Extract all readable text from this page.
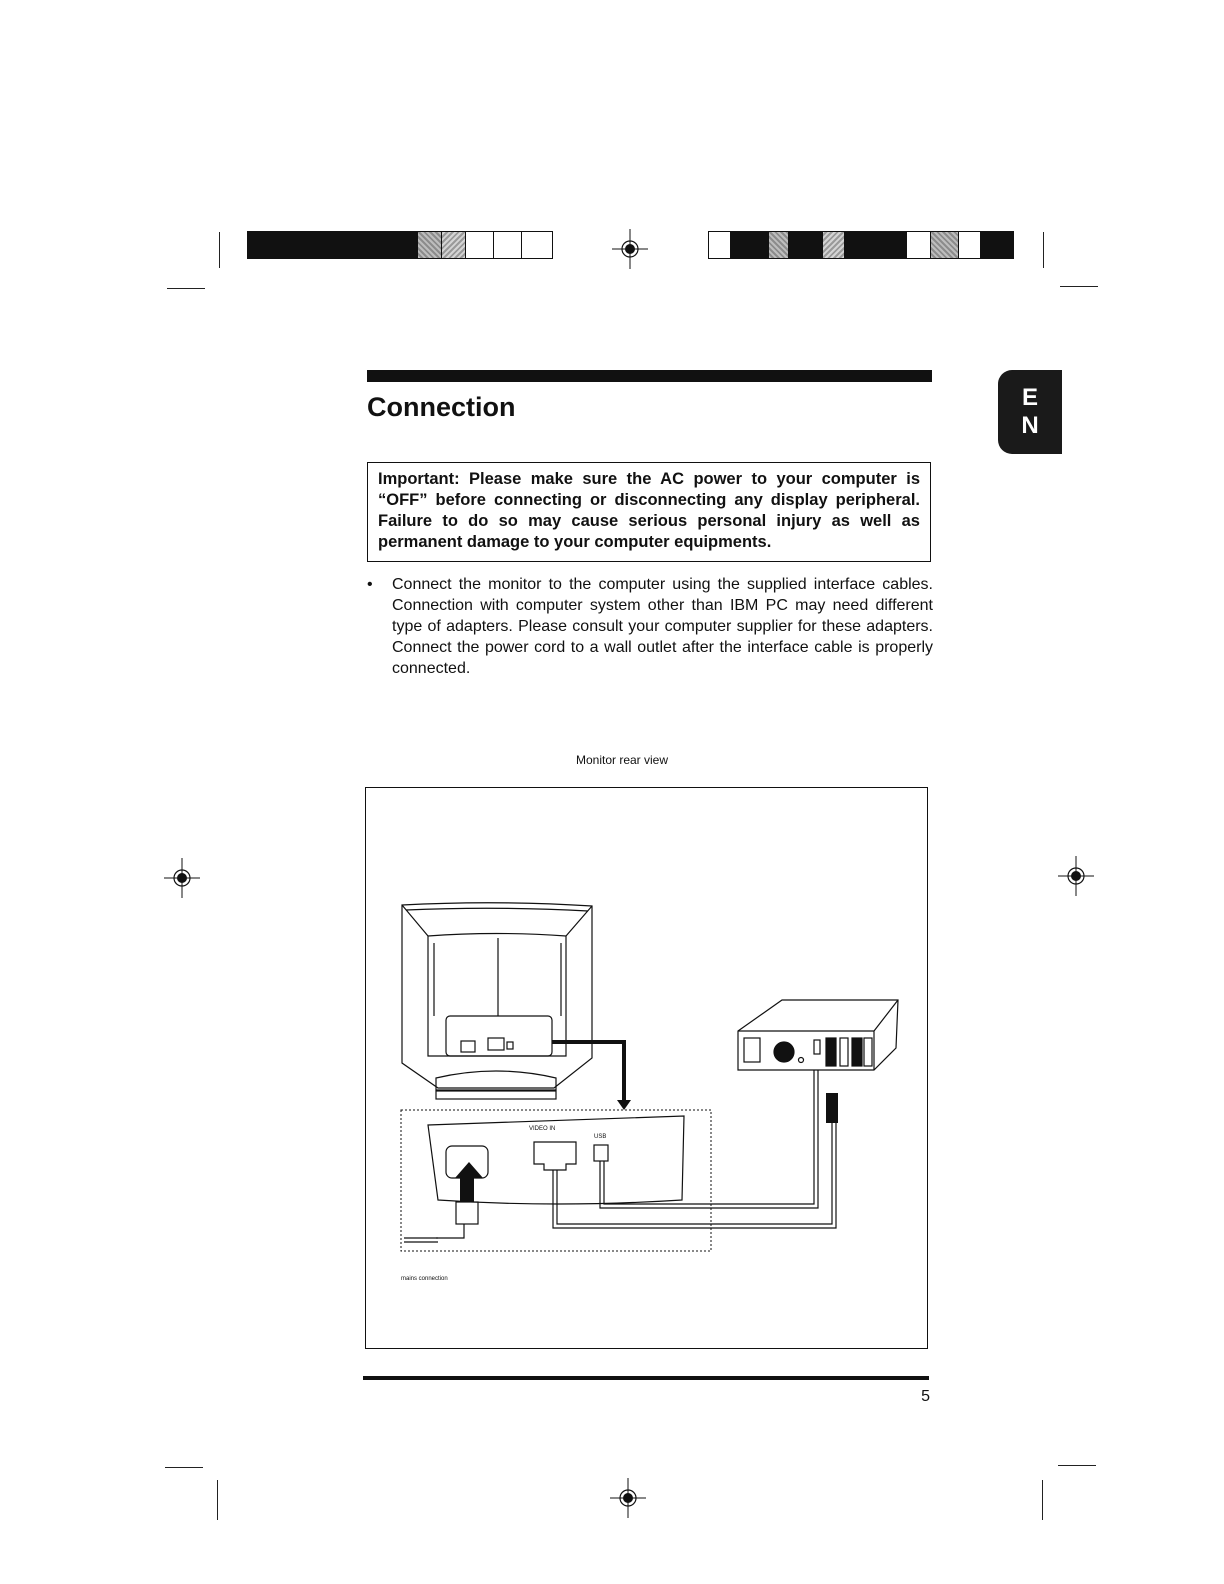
Connection	E
N
Important: Please make sure the AC power to your computer is “OFF” before connecting or disconnecting any display peripheral. Failure to do so may cause serious personal injury as well as permanent damage to your computer equipments.
• Connect the monitor to the computer using the supplied interface cables. Connection with computer system other than IBM PC may need different type of adapters. Please consult your computer supplier for these adapters. Connect the power cord to a wall outlet after the interface cable is properly connected.
Monitor rear view
VIDEO IN
USB
mains connection
5
